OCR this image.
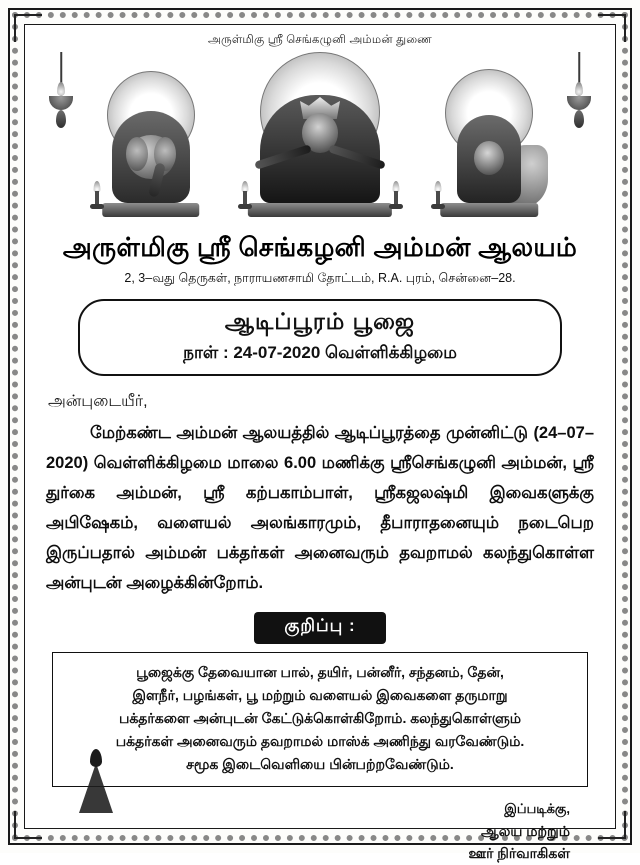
அருள்மிகு ஸ்ரீ செங்கழுனி அம்மன் துணை
அருள்மிகு ஸ்ரீ செங்கழனி அம்மன் ஆலயம்
2, 3–வது தெருகள், நாராயணசாமி தோட்டம், R.A. புரம், சென்னை–28.
ஆடிப்பூரம் பூஜை
நாள் : 24-07-2020 வெள்ளிக்கிழமை
அன்புடையீர்,
மேற்கண்ட அம்மன் ஆலயத்தில் ஆடிப்பூரத்தை முன்னிட்டு (24–07–2020) வெள்ளிக்கிழமை மாலை 6.00 மணிக்கு ஸ்ரீசெங்கழுனி அம்மன், ஸ்ரீ துர்கை அம்மன், ஸ்ரீ கற்பகாம்பாள், ஸ்ரீகஜலஷ்மி இவைகளுக்கு அபிஷேகம், வளையல் அலங்காரமும், தீபாராதனையும் நடைபெற இருப்பதால் அம்மன் பக்தர்கள் அனைவரும் தவறாமல் கலந்துகொள்ள அன்புடன் அழைக்கின்றோம்.
குறிப்பு :
பூஜைக்கு தேவையான பால், தயிர், பன்னீர், சந்தனம், தேன்,
இளநீர், பழங்கள், பூ மற்றும் வளையல் இவைகளை தருமாறு
பக்தர்களை அன்புடன் கேட்டுக்கொள்கிறோம். கலந்துகொள்ளும்
பக்தர்கள் அனைவரும் தவறாமல் மாஸ்க் அணிந்து வரவேண்டும்.
சமூக இடைவெளியை பின்பற்றவேண்டும்.
இப்படிக்கு,
ஆலய மற்றும்
ஊர் நிர்வாகிகள்
